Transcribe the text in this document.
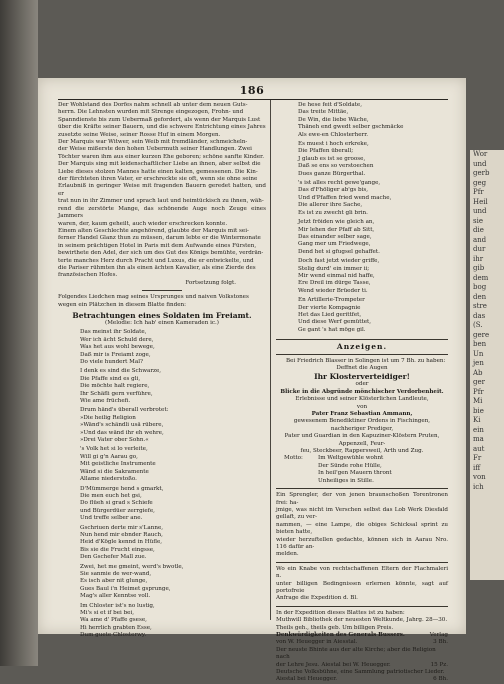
186

Der Wohlstand des Dorfes nahm schnell ab unter dem neuen Guts-

herrn. Die Lehnsten wurden mit Strenge eingezogen, Frohn- und

Spanndienste bis zum Uebermaß gefordert, als wenn der Marquis Lust

über die Kräfte seiner Bauern, und die schwere Entrichtung eines Jahres

zusetzte seine Weise, seiner Rosse Huf in einem Morgen.

Der Marquis war Witwer, sein Weib mit fremdländer, schmeicheln-

der Weise mißerste den hohen Uebermuth seiner Handlungen. Zwei

Töchter waren ihm aus einer kurzen Ehe geboren; schöne sanfte Kinder.

Der Marquis sing mit leidenschaftlicher Liebe an ihnen, aber selbst die

Liebe dieses stolzen Mannes hatte einen kalten, gemessenen. Die Kin-

der fürchteten ihren Vater, er erschreckte sie oft, wenn sie ohne seine

Erlaubniß in geringer Weise mit fragenden Bauern geredet hatten, und er

trat nun in ihr Zimmer und sprach laut und heimtückisch zu ihnen, wäh-

rend die zerstörte Mange, das schönende Auge noch Zeuge eines Jammers

waren, der, kaum geheilt, auch wieder erschrecken konnte.

Einem alten Geschlechte angehörend, glaubte der Marquis mit sei-

ferner Handel Glanz thun zu müssen, darum lebte er die Wintermonate

in seinem prächtigen Hotel in Paris mit dem Aufwande eines Fürsten,

bewirthete den Adel, der sich um des Gut des Königs bemühte, verdrän-

terte manches Herz durch Pracht und Luxus, die er entwickelte, und

die Pariser rühmten ihn als einen ächten Kavalier, als eine Zierde des

französischen Hofes.

Fortsetzung folgt.

Folgendes Liedchen mag seines Ursprunges und naiven Volkstones

wegen ein Plätzchen in diesem Blatte finden:

Betrachtungen eines Soldaten im Freiamt.

(Melodie: Ich hab' einen Kameraden ic.)

Das meinst ihr Soldate,
Wer ich ächt Schuld dere,
Was het aus wohl bewege,
Daß mir is Freiamt zoge,
Do viele hundert Mal?
I denk es sind die Schwarze,
Die Pfaffe sind es gli,
Die möchte halt regiere,
Ihr Schäfli gern verführe,
Wie ame früchefi.
Drum händ's überall verbrotet:
»Die heilig Religion
»Wänd's schändli usä rübere,
»Und das wänd ihr eh wehre,
»Drei Vater ober Sohn.«
's Volk het si lo verleite,
Will gi g'n Aarau go,
Mit geistliche Instrumente
Wänd si die Sakramente
Allame niederstoßo.
D'Mümmerge hend s gmarkt,
Die men euch het gsi,
Do flüeh si grad s Schiefe
und Bürgerdüer zerrgiefe,
Und treffe selber ane.
Gschriuen derte mir s'Lanne,
Nun hend mir ebnder Rauch,
Heid d'Kögle kennd in Hüfle,
Bis sie die Frucht eingsse,
Den Gschefer Mall zue.
Zwei, het me gmeint, werd's bwotle,
Sie sanmie de wer-wand,
Es isch aber nit glunge,
Gues Baul i'n Heimet gsprunge,
Mag's aller Kenntse voll.
Im Chloster ist's no lustig,
Mi's si et if bei bei,
Wa ame d' Pfaffe gsese,
Hi herrlich grabten Esse,
Dum guete Chlosterwy.
De hese feit d'Soldate,
Das treite Mittäe,
De Win, die liebe Wäche,
Thäneh end gwedt selber gschmäcke
Als ewe-en Chlosterherr.
Es muest i hoch erkreke,
Die Pfaffen überall;
J glaub es ist se groose,
Daß se ens so verstoechen
Dues ganze Bürgerthal.
's ist alles recht gewe'gange,
Das d'Fhöliger ab'gs bis,
Und d'Pfaffen fried wend mache,
Die allerer ihre Sache,
Es ist zu zwecht gli brin.
Jetzt fröiden wie gleich an,
Mir lehen der Pfaff ab Sitt,
Das einander selber sage,
Gang mer um Friedwege,
Dend het si gfugsel gehaffet.
Doch fast jetzt wieder griffe,
Stelig durd' ein immer ii;
Mir wend einmal nid haffe,
Ere Dreil im dürge Tasse,
Wend wieder Brüeder ti.
En Artillerie-Trompeter
Der vierte Kompagnie
Het das Lied gerittfet,
Und diese Werf gemüttet,
Ge gant 's hat möge gil.
Anzeigen.

Bei Friedrich Blasser in Solingen ist um 7 Bh. zu haben:

Deffnet die Augen

Ihr Klosterverteidiger!

oder

Blicke in die Abgründe mönchischer Verdorbenheit.

Erlebnisse und seiner Klösterlichen Landleute,

von

Pater Franz Sebastian Ammann,

gewesenem Benediktiner Ordens in Fischingen, nachheriger Prediger,

Pater und Guardian in den Kapuziner-Klöstern Pruten, Appenzell, Feur-

feu, Steckbeer, Rappersweil, Arth und Zug.

Motto:	Im Weltgewühle wohnt

Der Sünde rohe Hülle,

In heil'gen Mauern thront

Unheiliges in Stille.

Ein Sprengler, der von jenen braunschoßen Torentronen frei: ha-

jmige, was nicht im Verschen selbst das Lob Werk Diesfald gellaft, zu ver-

nammen, — eine Lampe, die obiges Schicksal sprint zu bieten hatte,

wieder herzuftellen gedachte, können sich in Aarau Nro. 116 dafür an-

melden.

Wo ein Knabe von rechtschaffenen Eltern der Flachmaleri n.

unter billigen Bedingnissen erlernen könnte, sagt auf portofreie

Anfrage die Expedition d. Bl.

In der Expedition dieses Blattes ist zu haben:

Muthwill Bibliothek der neuesten Weltkunde, Jahrg. 28—30.

Theils geh., theils geb. Um billigen Preis.

Denkwürdigkeiten des Generals Bussers.	Verlag
von W. Heuegger in Aiesstal.	3 Bh.
Der neuste Bhinte aus der alte Kirche; aber die Religion nach
der Lehre Jesu. Aiestal bei W. Heuegger.	15 Pz.
Deutsche Volksbühne, eine Sammlung patriotischer Lieder.
Aiestal bei Heuegger.	6 Bh.
Wor
und
gerb
geg
Pfr
Heil
und
sie
die
and
dur
ihr
gib
dem
bog
den
stre
das
(S.
gere
ben
Un
jen
Ab
ger
Pfr
Mi
bie
Ki
ein
ma
aut
Fr
iff
von
ich
